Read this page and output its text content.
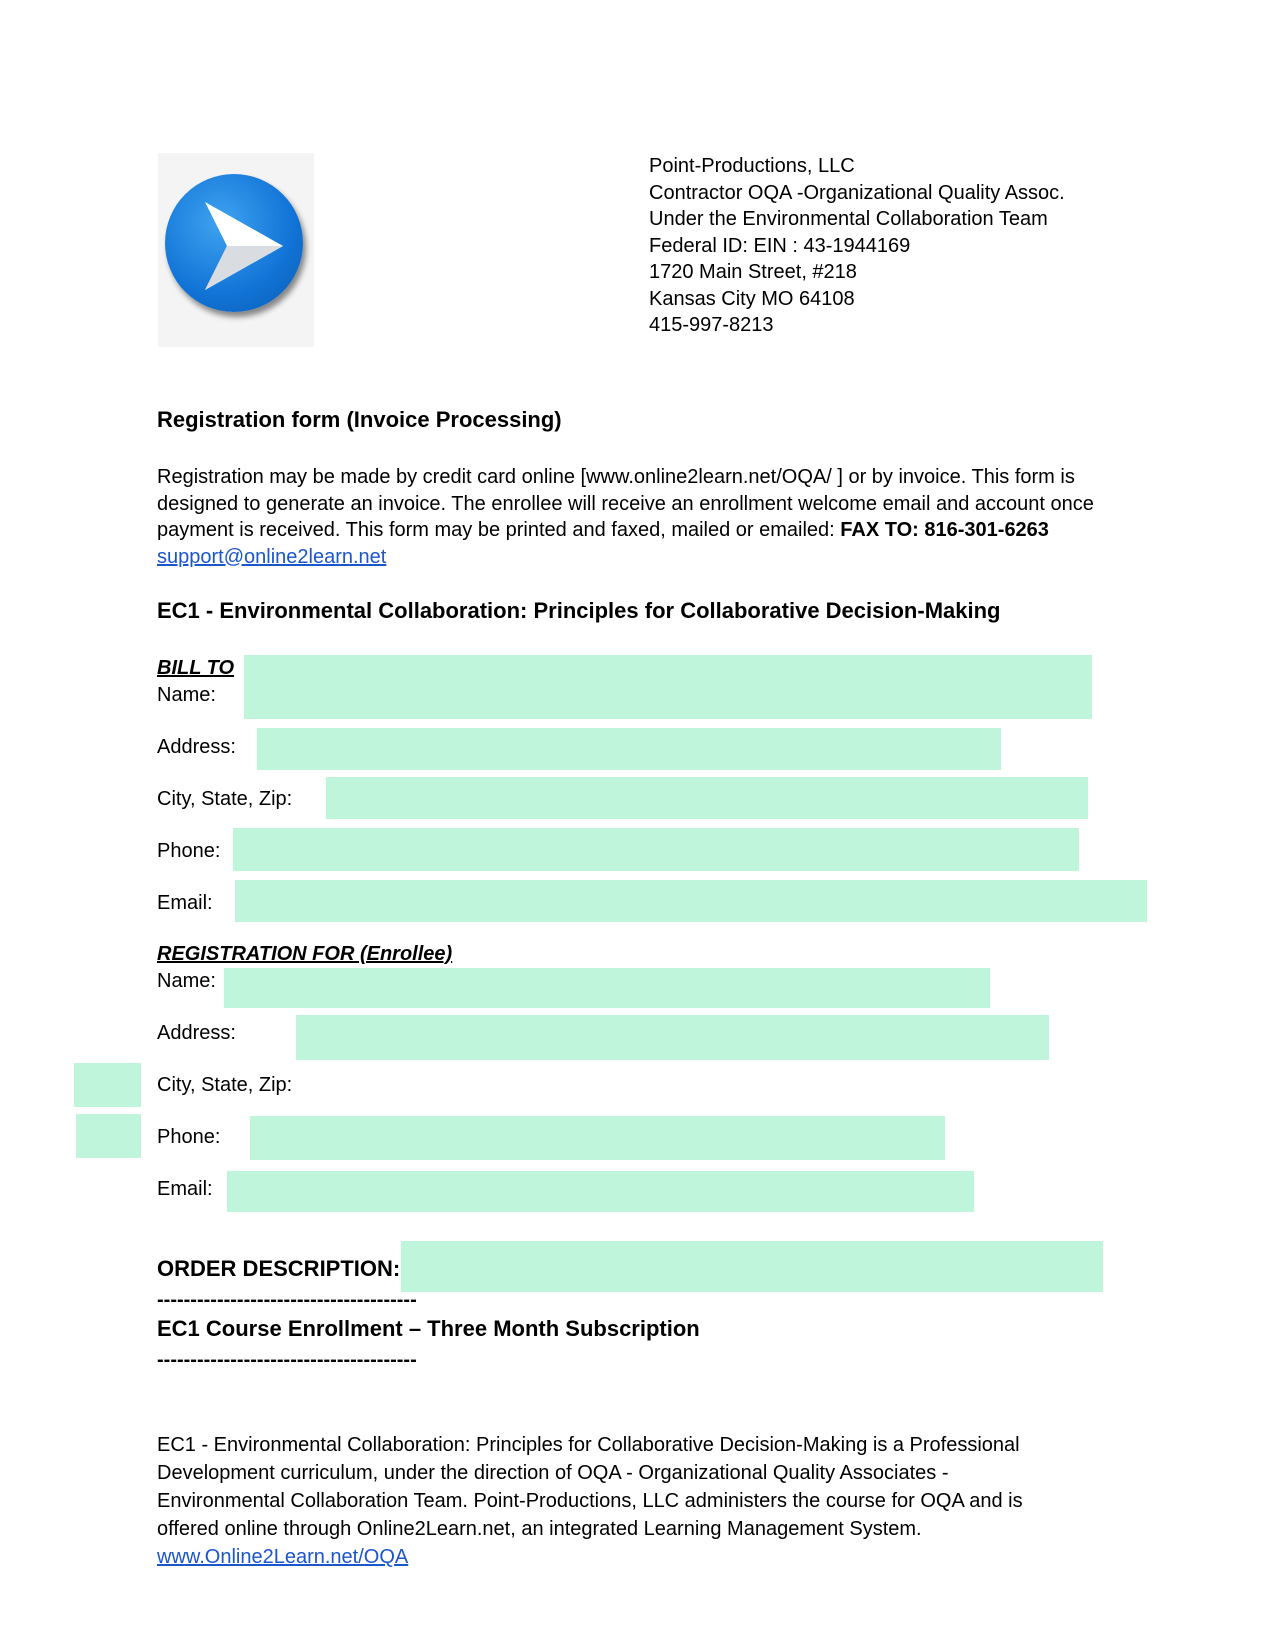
Point-Productions, LLC
Contractor OQA -Organizational Quality Assoc.
Under the Environmental Collaboration Team
Federal ID: EIN : 43-1944169
1720 Main Street, #218
Kansas City MO 64108
415-997-8213
Registration form (Invoice Processing)
Registration may be made by credit card online [www.online2learn.net/OQA/ ] or by invoice. This form is
designed to generate an invoice. The enrollee will receive an enrollment welcome email and account once
payment is received. This form may be printed and faxed, mailed or emailed: FAX TO: 816-301-6263
support@online2learn.net
EC1 - Environmental Collaboration: Principles for Collaborative Decision-Making
BILL TO
Name:
Address:
City, State, Zip:
Phone:
Email:
REGISTRATION FOR (Enrollee)
Name:
Address:
City, State, Zip:
Phone:
Email:
ORDER DESCRIPTION:
---------------------------------------
EC1 Course Enrollment – Three Month Subscription
---------------------------------------
EC1 - Environmental Collaboration: Principles for Collaborative Decision-Making is a Professional
Development curriculum, under the direction of OQA - Organizational Quality Associates -
Environmental Collaboration Team. Point-Productions, LLC administers the course for OQA and is
offered online through Online2Learn.net, an integrated Learning Management System.
www.Online2Learn.net/OQA
